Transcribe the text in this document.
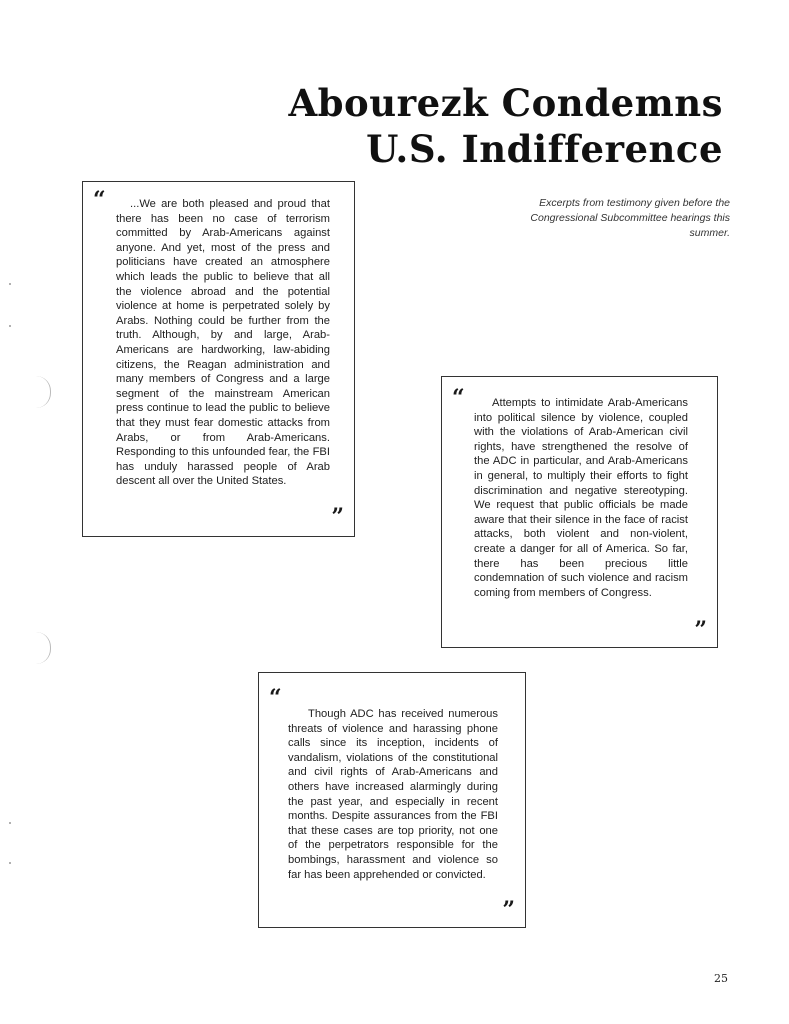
Abourezk Condemns
U.S. Indifference

Excerpts from testimony given before the Congressional Subcommittee hearings this summer.

“	...We are both pleased and proud that there has been no case of terrorism committed by Arab-Americans against anyone. And yet, most of the press and politicians have created an atmosphere which leads the public to believe that all the violence abroad and the potential violence at home is perpetrated solely by Arabs. Nothing could be further from the truth. Although, by and large, Arab-Americans are hardworking, law-abiding citizens, the Reagan administration and many members of Congress and a large segment of the mainstream American press continue to lead the public to believe that they must fear domestic attacks from Arabs, or from Arab-Americans. Responding to this unfounded fear, the FBI has unduly harassed people of Arab descent all over the United States.

”
“	Attempts to intimidate Arab-Americans into political silence by violence, coupled with the violations of Arab-American civil rights, have strengthened the resolve of the ADC in particular, and Arab-Americans in general, to multiply their efforts to fight discrimination and negative stereotyping. We request that public officials be made aware that their silence in the face of racist attacks, both violent and non-violent, create a danger for all of America. So far, there has been precious little condemnation of such violence and racism coming from members of Congress.

”
“

Though ADC has received numerous threats of violence and harassing phone calls since its inception, incidents of vandalism, violations of the constitutional and civil rights of Arab-Americans and others have increased alarmingly during the past year, and especially in recent months. Despite assurances from the FBI that these cases are top priority, not one of the perpetrators responsible for the bombings, harassment and violence so far has been apprehended or convicted.

”
25
